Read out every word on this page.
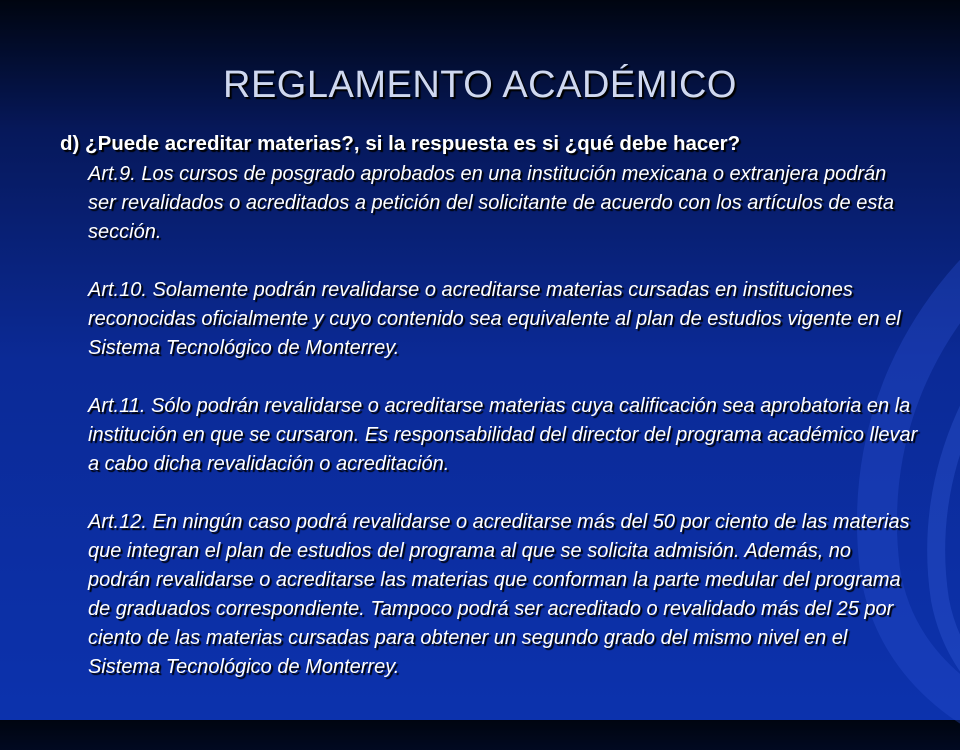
REGLAMENTO ACADÉMICO
d) ¿Puede acreditar materias?, si la respuesta es si ¿qué debe hacer?

Art.9. Los cursos de posgrado aprobados en una institución mexicana o extranjera podrán ser revalidados o acreditados a petición del solicitante de acuerdo con los artículos de esta sección.

Art.10. Solamente podrán revalidarse o acreditarse materias cursadas en instituciones reconocidas oficialmente y cuyo contenido sea equivalente al plan de estudios vigente en el Sistema Tecnológico de Monterrey.

Art.11. Sólo podrán revalidarse o acreditarse materias cuya calificación sea aprobatoria en la institución en que se cursaron. Es responsabilidad del director del programa académico llevar a cabo dicha revalidación o acreditación.

Art.12. En ningún caso podrá revalidarse o acreditarse más del 50 por ciento de las materias que integran el plan de estudios del programa al que se solicita admisión. Además, no podrán revalidarse o acreditarse las materias que conforman la parte medular del programa de graduados correspondiente. Tampoco podrá ser acreditado o revalidado más del 25 por ciento de las materias cursadas para obtener un segundo grado del mismo nivel en el Sistema Tecnológico de Monterrey.
